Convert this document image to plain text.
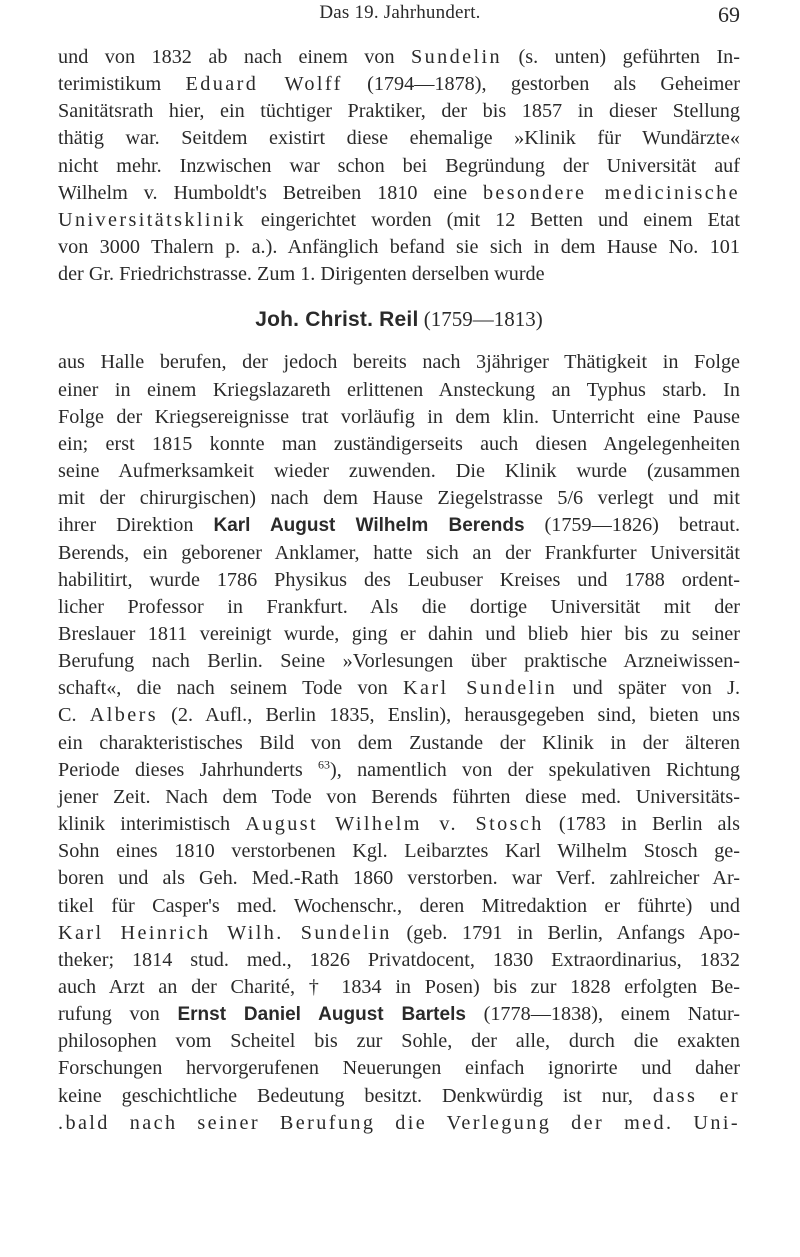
Das 19. Jahrhundert.	69
und von 1832 ab nach einem von Sundelin (s. unten) geführten In-
terimistikum Eduard Wolff (1794—1878), gestorben als Geheimer
Sanitätsrath hier, ein tüchtiger Praktiker, der bis 1857 in dieser Stellung
thätig war. Seitdem existirt diese ehemalige »Klinik für Wundärzte«
nicht mehr. Inzwischen war schon bei Begründung der Universität auf
Wilhelm v. Humboldt's Betreiben 1810 eine besondere medicinische
Universitätsklinik eingerichtet worden (mit 12 Betten und einem Etat
von 3000 Thalern p. a.). Anfänglich befand sie sich in dem Hause No. 101
der Gr. Friedrichstrasse. Zum 1. Dirigenten derselben wurde
Joh. Christ. Reil (1759—1813)
aus Halle berufen, der jedoch bereits nach 3jähriger Thätigkeit in Folge
einer in einem Kriegslazareth erlittenen Ansteckung an Typhus starb. In
Folge der Kriegsereignisse trat vorläufig in dem klin. Unterricht eine Pause
ein; erst 1815 konnte man zuständigerseits auch diesen Angelegenheiten
seine Aufmerksamkeit wieder zuwenden. Die Klinik wurde (zusammen
mit der chirurgischen) nach dem Hause Ziegelstrasse 5/6 verlegt und mit
ihrer Direktion Karl August Wilhelm Berends (1759—1826) betraut.
Berends, ein geborener Anklamer, hatte sich an der Frankfurter Universität
habilitirt, wurde 1786 Physikus des Leubuser Kreises und 1788 ordent-
licher Professor in Frankfurt. Als die dortige Universität mit der
Breslauer 1811 vereinigt wurde, ging er dahin und blieb hier bis zu seiner
Berufung nach Berlin. Seine »Vorlesungen über praktische Arzneiwissen-
schaft«, die nach seinem Tode von Karl Sundelin und später von J.
C. Albers (2. Aufl., Berlin 1835, Enslin), herausgegeben sind, bieten uns
ein charakteristisches Bild von dem Zustande der Klinik in der älteren
Periode dieses Jahrhunderts $^{63}$), namentlich von der spekulativen Richtung
jener Zeit. Nach dem Tode von Berends führten diese med. Universitäts-
klinik interimistisch August Wilhelm v. Stosch (1783 in Berlin als
Sohn eines 1810 verstorbenen Kgl. Leibarztes Karl Wilhelm Stosch ge-
boren und als Geh. Med.-Rath 1860 verstorben. war Verf. zahlreicher Ar-
tikel für Casper's med. Wochenschr., deren Mitredaktion er führte) und
Karl Heinrich Wilh. Sundelin (geb. 1791 in Berlin, Anfangs Apo-
theker; 1814 stud. med., 1826 Privatdocent, 1830 Extraordinarius, 1832
auch Arzt an der Charité, † 1834 in Posen) bis zur 1828 erfolgten Be-
rufung von Ernst Daniel August Bartels (1778—1838), einem Natur-
philosophen vom Scheitel bis zur Sohle, der alle, durch die exakten
Forschungen hervorgerufenen Neuerungen einfach ignorirte und daher
keine geschichtliche Bedeutung besitzt. Denkwürdig ist nur, dass er
.bald nach seiner Berufung die Verlegung der med. Uni-
